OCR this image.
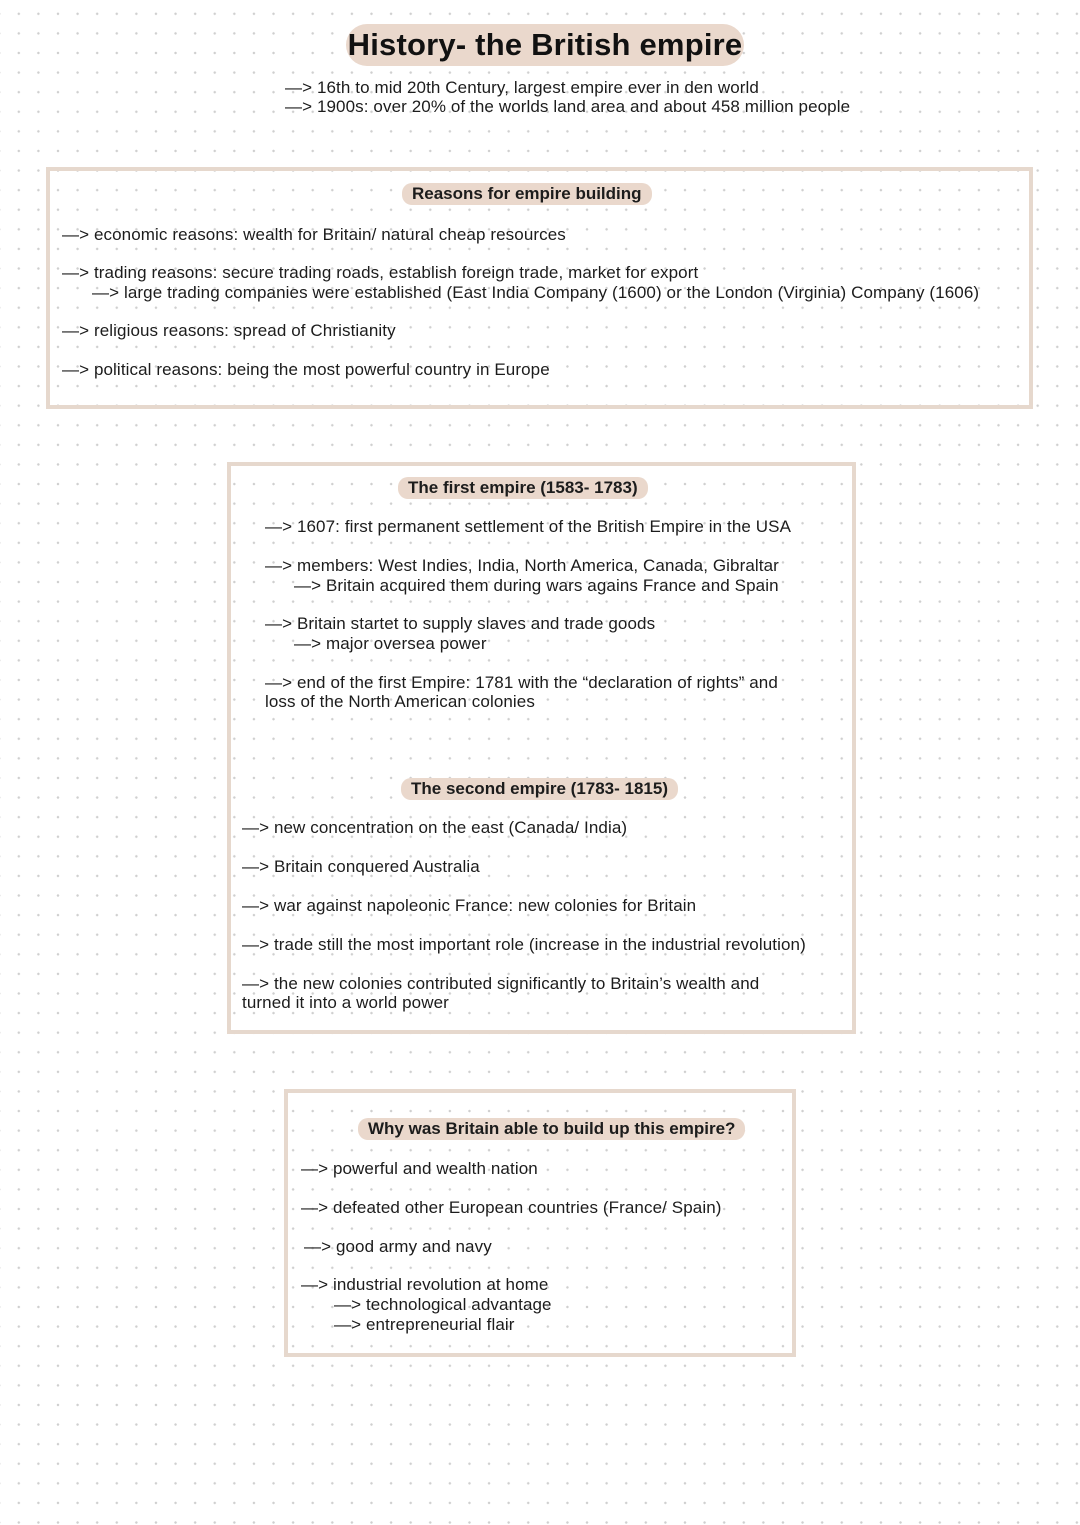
History- the British empire
—> 16th to mid 20th Century, largest empire ever in den world
—> 1900s: over 20% of the worlds land area and about 458 million people
Reasons for empire building
—> economic reasons: wealth for Britain/ natural cheap resources
—> trading reasons: secure trading roads, establish foreign trade, market for export
—> large trading companies were established (East India Company (1600) or the London (Virginia) Company (1606)
—> religious reasons: spread of Christianity
—> political reasons: being the most powerful country in Europe
The first empire (1583- 1783)
—> 1607: first permanent settlement of the British Empire in the USA
—> members: West Indies, India, North America, Canada, Gibraltar
—> Britain acquired them during wars agains France and Spain
—> Britain startet to supply slaves and trade goods
—> major oversea power
—> end of the first Empire: 1781 with the “declaration of rights” and
loss of the North American colonies
The second empire (1783- 1815)
—> new concentration on the east (Canada/ India)
—> Britain conquered Australia
—> war against napoleonic France: new colonies for Britain
—> trade still the most important role (increase in the industrial revolution)
—> the new colonies contributed significantly to Britain’s wealth and
turned it into a world power
Why was Britain able to build up this empire?
—> powerful and wealth nation
—> defeated other European countries (France/ Spain)
—> good army and navy
—> industrial revolution at home
—> technological advantage
—> entrepreneurial flair
